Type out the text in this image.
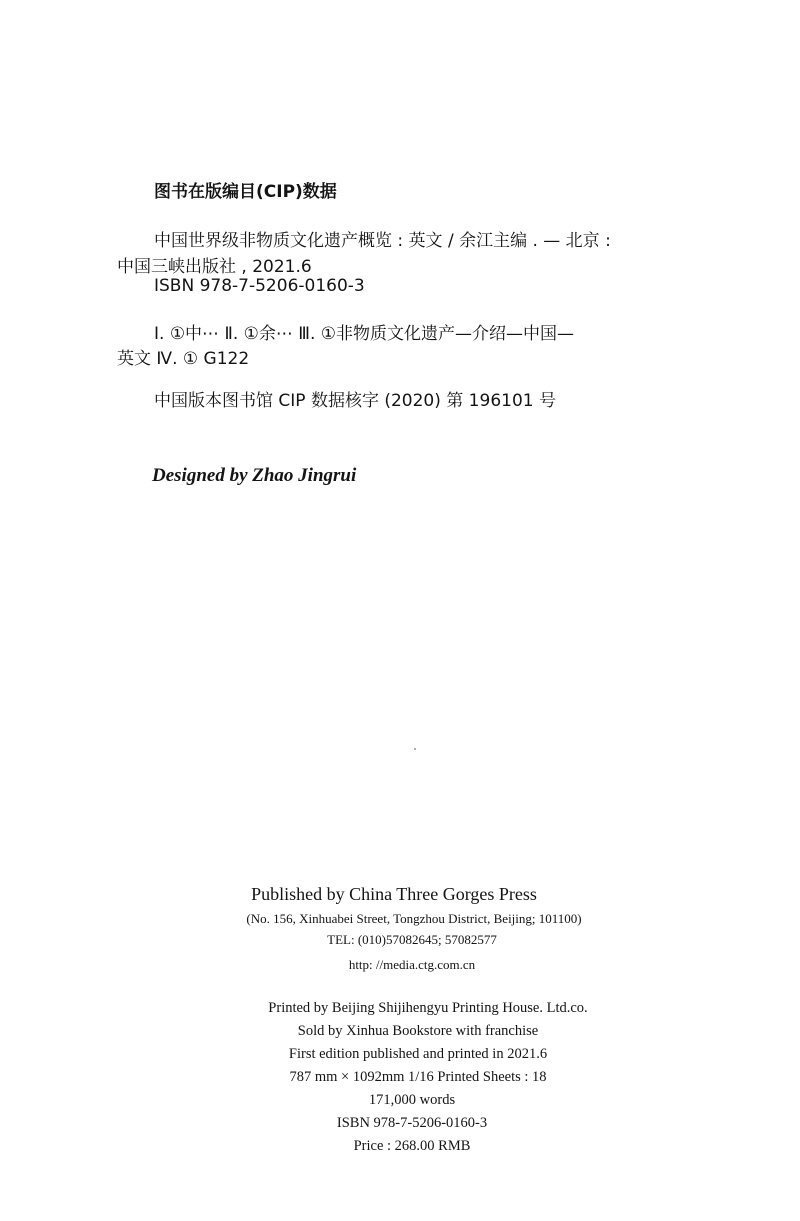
图书在版编目(CIP)数据
中国世界级非物质文化遗产概览 : 英文 / 余江主编 . — 北京 :
中国三峡出版社 , 2021.6
ISBN 978-7-5206-0160-3
Ⅰ. ①中⋯ Ⅱ. ①余⋯ Ⅲ. ①非物质文化遗产—介绍—中国—
英文 Ⅳ. ① G122
中国版本图书馆 CIP 数据核字 (2020) 第 196101 号
Designed by Zhao Jingrui
Published by China Three Gorges Press
(No. 156, Xinhuabei Street, Tongzhou District, Beijing; 101100)
TEL: (010)57082645; 57082577
http: //media.ctg.com.cn
Printed by Beijing Shijihengyu Printing House. Ltd.co.
Sold by Xinhua Bookstore with franchise
First edition published and printed in 2021.6
787 mm × 1092mm 1/16 Printed Sheets : 18
171,000 words
ISBN 978-7-5206-0160-3
Price : 268.00 RMB
